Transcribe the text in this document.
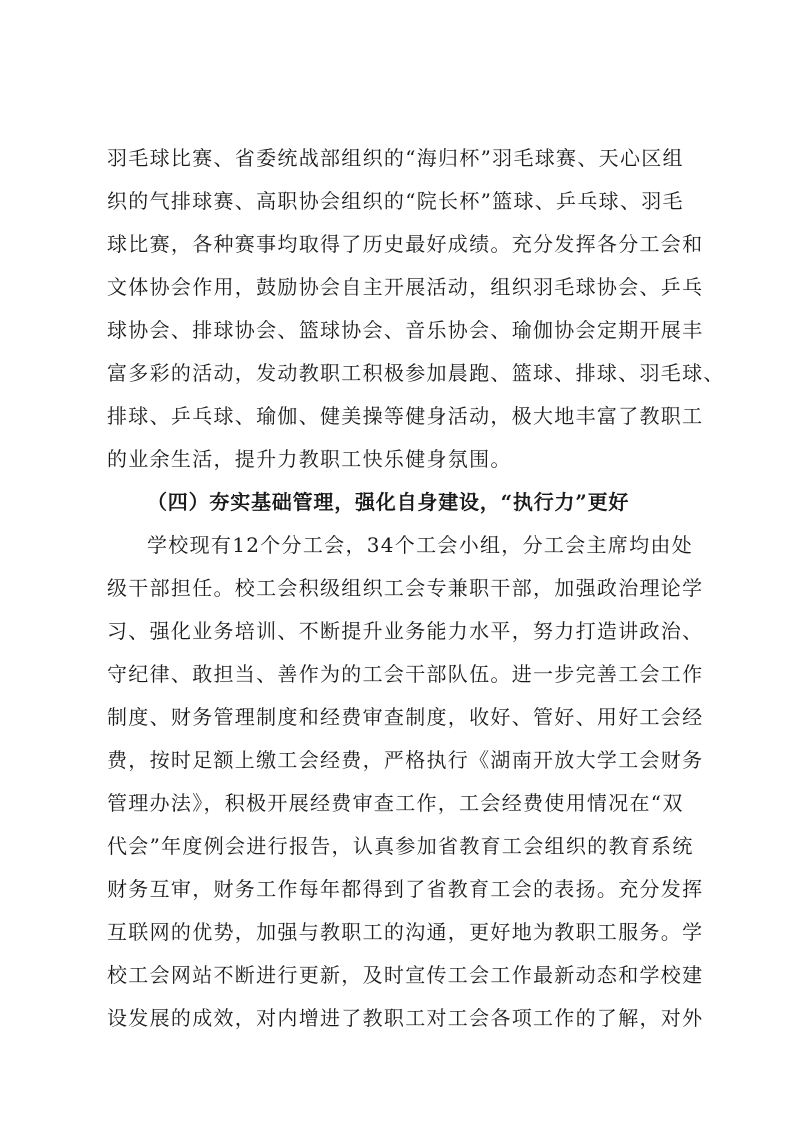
羽毛球比赛、省委统战部组织的“海归杯”羽毛球赛、天心区组
织的气排球赛、高职协会组织的“院长杯”篮球、乒乓球、羽毛
球比赛，各种赛事均取得了历史最好成绩。充分发挥各分工会和
文体协会作用，鼓励协会自主开展活动，组织羽毛球协会、乒乓
球协会、排球协会、篮球协会、音乐协会、瑜伽协会定期开展丰
富多彩的活动，发动教职工积极参加晨跑、篮球、排球、羽毛球、
排球、乒乓球、瑜伽、健美操等健身活动，极大地丰富了教职工
的业余生活，提升力教职工快乐健身氛围。
（四）夯实基础管理，强化自身建设，“执行力”更好
学校现有12个分工会，34个工会小组，分工会主席均由处
级干部担任。校工会积级组织工会专兼职干部，加强政治理论学
习、强化业务培训、不断提升业务能力水平，努力打造讲政治、
守纪律、敢担当、善作为的工会干部队伍。进一步完善工会工作
制度、财务管理制度和经费审查制度，收好、管好、用好工会经
费，按时足额上缴工会经费，严格执行《湖南开放大学工会财务
管理办法》，积极开展经费审查工作，工会经费使用情况在“双
代会”年度例会进行报告，认真参加省教育工会组织的教育系统
财务互审，财务工作每年都得到了省教育工会的表扬。充分发挥
互联网的优势，加强与教职工的沟通，更好地为教职工服务。学
校工会网站不断进行更新，及时宣传工会工作最新动态和学校建
设发展的成效，对内增进了教职工对工会各项工作的了解，对外
